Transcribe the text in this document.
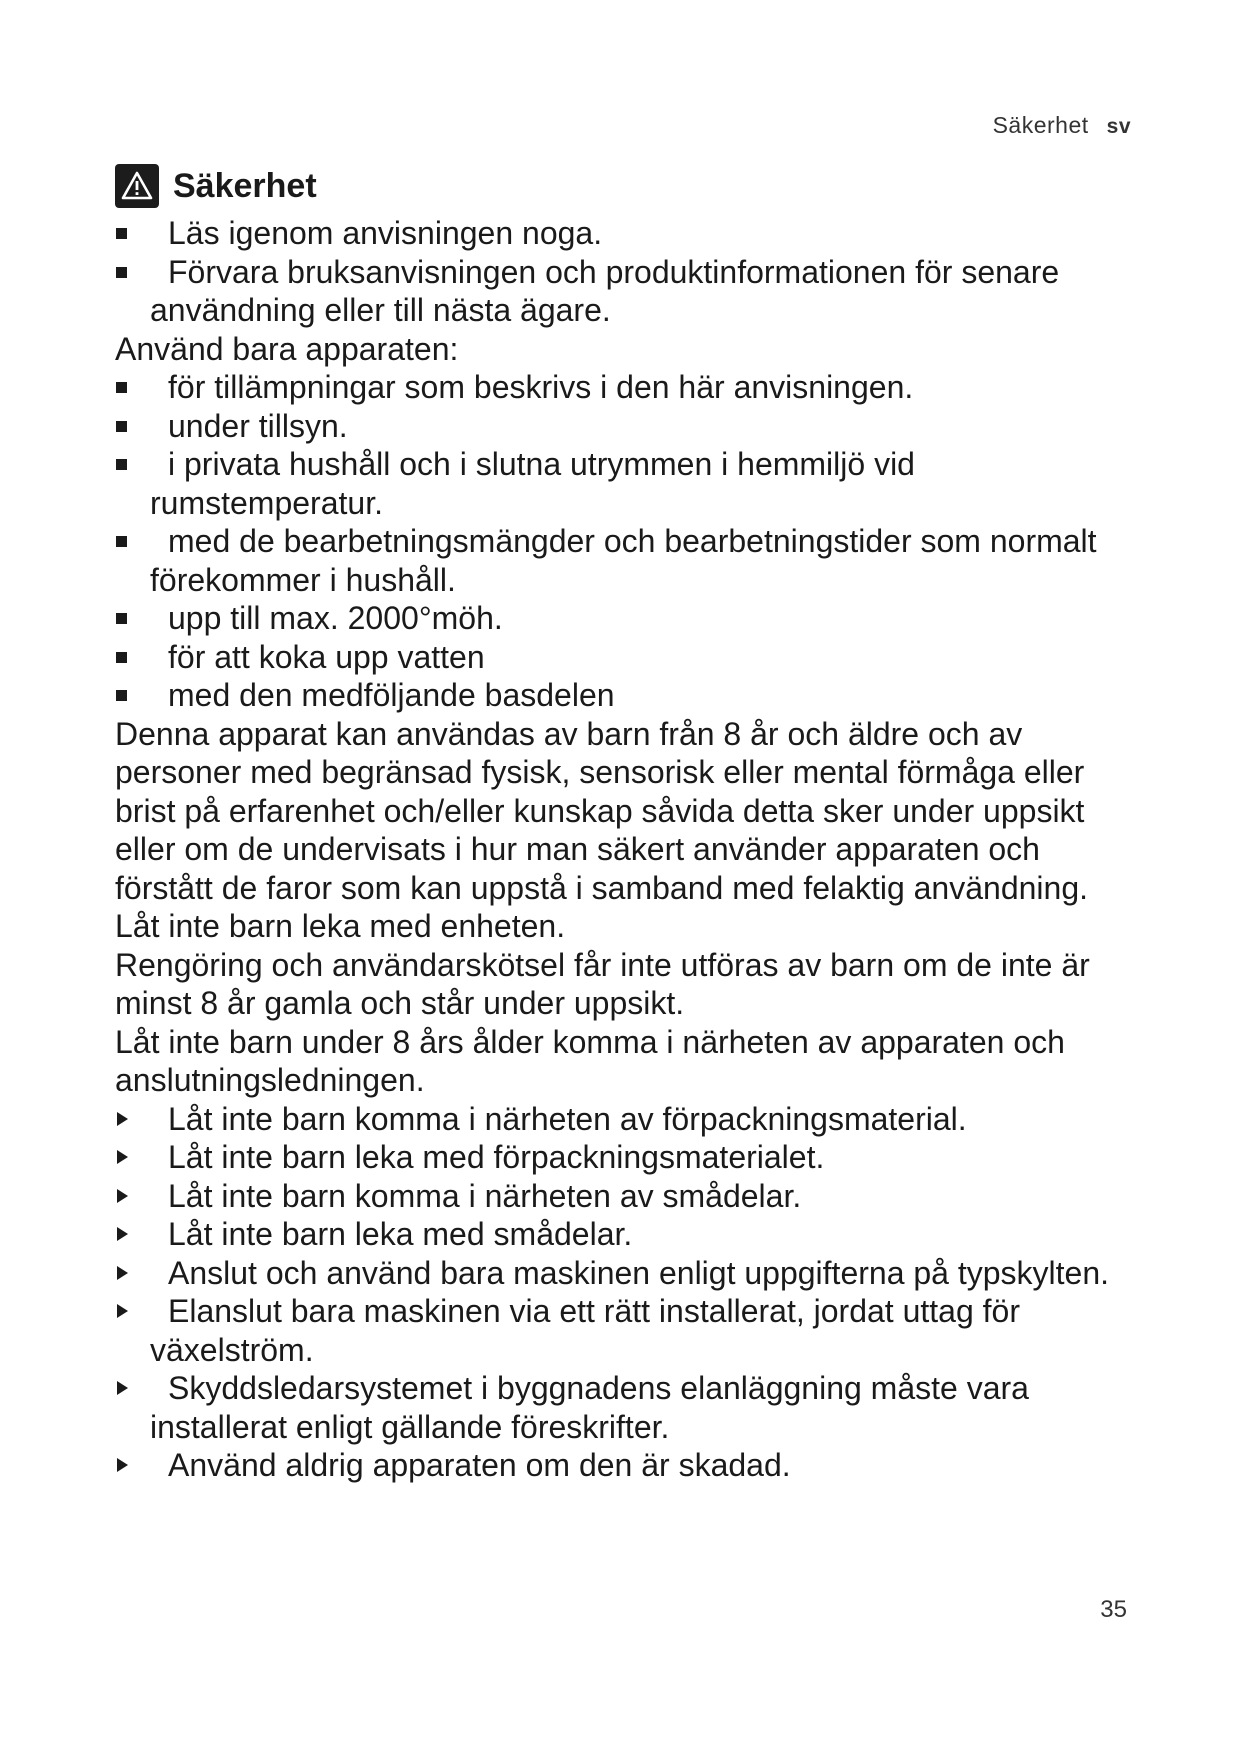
Säkerhet sv
Säkerhet
Läs igenom anvisningen noga.
Förvara bruksanvisningen och produktinformationen för senare användning eller till nästa ägare.
Använd bara apparaten:
för tillämpningar som beskrivs i den här anvisningen.
under tillsyn.
i privata hushåll och i slutna utrymmen i hemmiljö vid rumstemperatur.
med de bearbetningsmängder och bearbetningstider som normalt förekommer i hushåll.
upp till max. 2000°möh.
för att koka upp vatten
med den medföljande basdelen
Denna apparat kan användas av barn från 8 år och äldre och av personer med begränsad fysisk, sensorisk eller mental förmåga eller brist på erfarenhet och/eller kunskap såvida detta sker under uppsikt eller om de undervisats i hur man säkert använder apparaten och förstått de faror som kan uppstå i samband med felaktig användning.
Låt inte barn leka med enheten.
Rengöring och användarskötsel får inte utföras av barn om de inte är minst 8 år gamla och står under uppsikt.
Låt inte barn under 8 års ålder komma i närheten av apparaten och anslutningsledningen.
Låt inte barn komma i närheten av förpackningsmaterial.
Låt inte barn leka med förpackningsmaterialet.
Låt inte barn komma i närheten av smådelar.
Låt inte barn leka med smådelar.
Anslut och använd bara maskinen enligt uppgifterna på typskylten.
Elanslut bara maskinen via ett rätt installerat, jordat uttag för växelström.
Skyddsledarsystemet i byggnadens elanläggning måste vara installerat enligt gällande föreskrifter.
Använd aldrig apparaten om den är skadad.
35
